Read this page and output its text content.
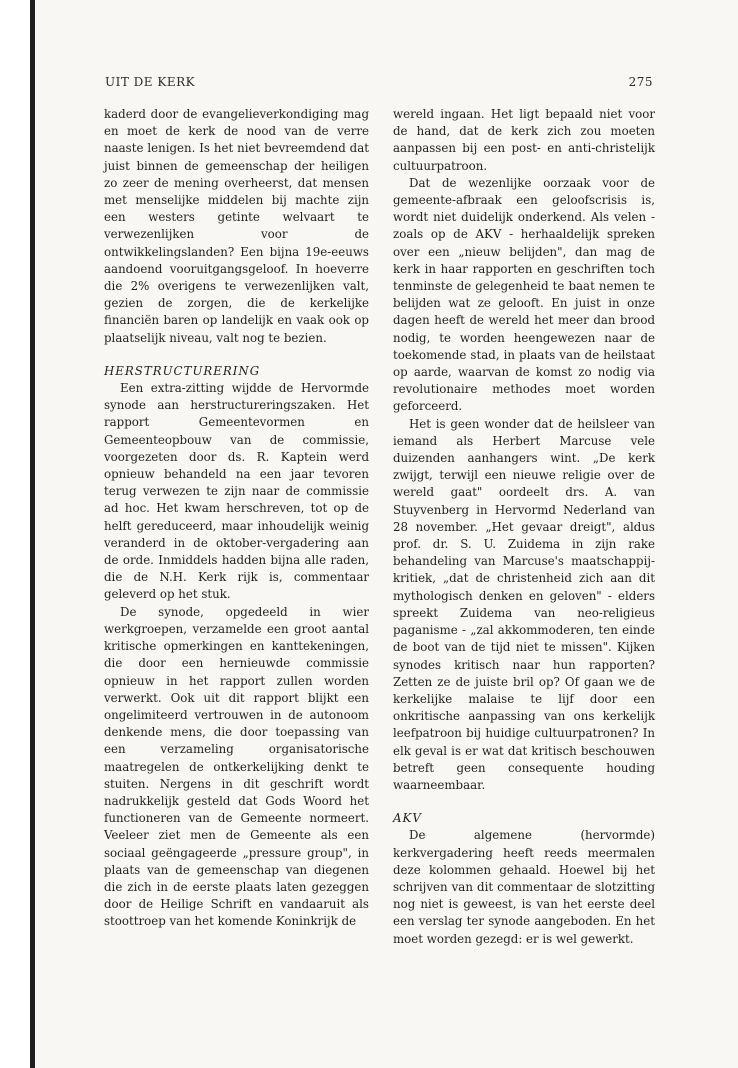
UIT DE KERK	275

kaderd door de evangelieverkondiging mag en moet de kerk de nood van de verre naaste lenigen. Is het niet bevreemdend dat juist binnen de gemeenschap der heiligen zo zeer de mening overheerst, dat mensen met menselijke middelen bij machte zijn een westers getinte welvaart te verwezenlijken voor de ontwikkelingslanden? Een bijna 19e-eeuws aandoend vooruitgangsgeloof. In hoeverre die 2% overigens te verwezenlijken valt, gezien de zorgen, die de kerkelijke financiën baren op landelijk en vaak ook op plaatselijk niveau, valt nog te bezien.

HERSTRUCTURERING

Een extra-zitting wijdde de Hervormde synode aan herstructureringszaken. Het rapport Gemeentevormen en Gemeenteopbouw van de commissie, voorgezeten door ds. R. Kaptein werd opnieuw behandeld na een jaar tevoren terug verwezen te zijn naar de commissie ad hoc. Het kwam herschreven, tot op de helft gereduceerd, maar inhoudelijk weinig veranderd in de oktober-vergadering aan de orde. Inmiddels hadden bijna alle raden, die de N.H. Kerk rijk is, commentaar geleverd op het stuk.

De synode, opgedeeld in wier werkgroepen, verzamelde een groot aantal kritische opmerkingen en kanttekeningen, die door een hernieuwde commissie opnieuw in het rapport zullen worden verwerkt. Ook uit dit rapport blijkt een ongelimiteerd vertrouwen in de autonoom denkende mens, die door toepassing van een verzameling organisatorische maatregelen de ontkerkelijking denkt te stuiten. Nergens in dit geschrift wordt nadrukkelijk gesteld dat Gods Woord het functioneren van de Gemeente normeert. Veeleer ziet men de Gemeente als een sociaal geëngageerde „pressure group", in plaats van de gemeenschap van diegenen die zich in de eerste plaats laten gezeggen door de Heilige Schrift en vandaaruit als stoottroep van het komende Koninkrijk de

wereld ingaan. Het ligt bepaald niet voor de hand, dat de kerk zich zou moeten aanpassen bij een post- en anti-christelijk cultuurpatroon.

Dat de wezenlijke oorzaak voor de gemeente-afbraak een geloofscrisis is, wordt niet duidelijk onderkend. Als velen - zoals op de AKV - herhaaldelijk spreken over een „nieuw belijden", dan mag de kerk in haar rapporten en geschriften toch tenminste de gelegenheid te baat nemen te belijden wat ze gelooft. En juist in onze dagen heeft de wereld het meer dan brood nodig, te worden heengewezen naar de toekomende stad, in plaats van de heilstaat op aarde, waarvan de komst zo nodig via revolutionaire methodes moet worden geforceerd.

Het is geen wonder dat de heilsleer van iemand als Herbert Marcuse vele duizenden aanhangers wint. „De kerk zwijgt, terwijl een nieuwe religie over de wereld gaat" oordeelt drs. A. van Stuyvenberg in Hervormd Nederland van 28 november. „Het gevaar dreigt", aldus prof. dr. S. U. Zuidema in zijn rake behandeling van Marcuse's maatschappij-kritiek, „dat de christenheid zich aan dit mythologisch denken en geloven" - elders spreekt Zuidema van neo-religieus paganisme - „zal akkommoderen, ten einde de boot van de tijd niet te missen". Kijken synodes kritisch naar hun rapporten? Zetten ze de juiste bril op? Of gaan we de kerkelijke malaise te lijf door een onkritische aanpassing van ons kerkelijk leefpatroon bij huidige cultuurpatronen? In elk geval is er wat dat kritisch beschouwen betreft geen consequente houding waarneembaar.

AKV

De algemene (hervormde) kerkvergadering heeft reeds meermalen deze kolommen gehaald. Hoewel bij het schrijven van dit commentaar de slotzitting nog niet is geweest, is van het eerste deel een verslag ter synode aangeboden. En het moet worden gezegd: er is wel gewerkt.
